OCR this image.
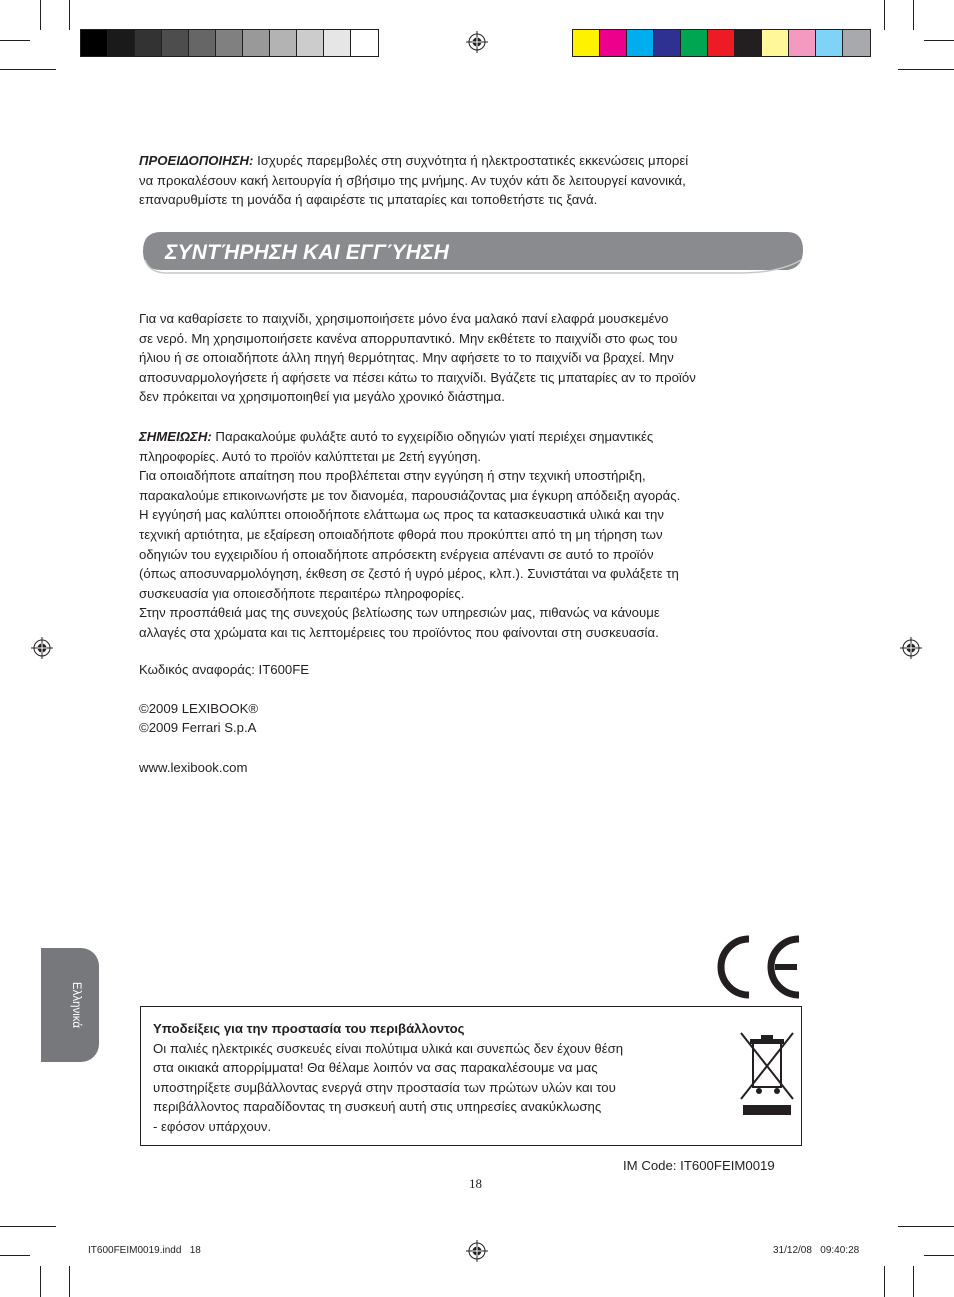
ΠΡΟΕΙΔΟΠΟΙΗΣΗ: Ισχυρές παρεμβολές στη συχνότητα ή ηλεκτροστατικές εκκενώσεις μπορεί
να προκαλέσουν κακή λειτουργία ή σβήσιμο της μνήμης. Αν τυχόν κάτι δε λειτουργεί κανονικά,
επαναρυθμίστε τη μονάδα ή αφαιρέστε τις μπαταρίες και τοποθετήστε τις ξανά.
ΣΥΝΤΉΡΗΣΗ ΚΑΙ ΕΓΓΎΗΣΗ
Για να καθαρίσετε το παιχνίδι, χρησιμοποιήσετε μόνο ένα μαλακό πανί ελαφρά μουσκεμένο
σε νερό. Μη χρησιμοποιήσετε κανένα απορρυπαντικό. Μην εκθέτετε το παιχνίδι στο φως του
ήλιου ή σε οποιαδήποτε άλλη πηγή θερμότητας. Μην αφήσετε το το παιχνίδι να βραχεί. Μην
αποσυναρμολογήσετε ή αφήσετε να πέσει κάτω το παιχνίδι. Βγάζετε τις μπαταρίες αν το προϊόν
δεν πρόκειται να χρησιμοποιηθεί για μεγάλο χρονικό διάστημα.
ΣΗΜΕΙΩΣΗ: Παρακαλούμε φυλάξτε αυτό το εγχειρίδιο οδηγιών γιατί περιέχει σημαντικές
πληροφορίες. Αυτό το προϊόν καλύπτεται με 2ετή εγγύηση.
Για οποιαδήποτε απαίτηση που προβλέπεται στην εγγύηση ή στην τεχνική υποστήριξη,
παρακαλούμε επικοινωνήστε με τον διανομέα, παρουσιάζοντας μια έγκυρη απόδειξη αγοράς.
Η εγγύησή μας καλύπτει οποιοδήποτε ελάττωμα ως προς τα κατασκευαστικά υλικά και την
τεχνική αρτιότητα, με εξαίρεση οποιαδήποτε φθορά που προκύπτει από τη μη τήρηση των
οδηγιών του εγχειριδίου ή οποιαδήποτε απρόσεκτη ενέργεια απέναντι σε αυτό το προϊόν
(όπως αποσυναρμολόγηση, έκθεση σε ζεστό ή υγρό μέρος, κλπ.). Συνιστάται να φυλάξετε τη
συσκευασία για οποιεσδήποτε περαιτέρω πληροφορίες.
Στην προσπάθειά μας της συνεχούς βελτίωσης των υπηρεσιών μας, πιθανώς να κάνουμε
αλλαγές στα χρώματα και τις λεπτομέρειες του προϊόντος που φαίνονται στη συσκευασία.
Κωδικός αναφοράς: IT600FE
©2009 LEXIBOOK®
©2009 Ferrari S.p.A
www.lexibook.com
Ελληνικά
Υποδείξεις για την προστασία του περιβάλλοντος
Οι παλιές ηλεκτρικές συσκευές είναι πολύτιμα υλικά και συνεπώς δεν έχουν θέση
στα οικιακά απορρίμματα! Θα θέλαμε λοιπόν να σας παρακαλέσουμε να μας
υποστηρίξετε συμβάλλοντας ενεργά στην προστασία των πρώτων υλών και του
περιβάλλοντος παραδίδοντας τη συσκευή αυτή στις υπηρεσίες ανακύκλωσης
- εφόσον υπάρχουν.
IM Code: IT600FEIM0019
18
IT600FEIM0019.indd   18	31/12/08   09:40:28
